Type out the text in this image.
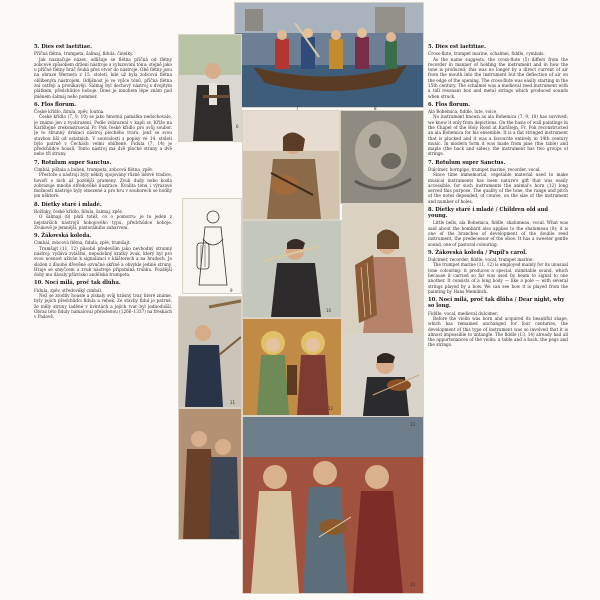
5. Dies est laetitiae.

Příčná flétna, trumpeta, šalmaj, fidula, činelky.

Jak naznačuje název, odlišuje se flétna příčná od flétny zobcové způsobem držení nástroje a vyluzování tónu: stejně jako u příčné flétny hráč fouká přes otvor do nástroje. Obě flétny jsou na obraze Wernera z 15. století, kde už byla zobcová flétna oblíbeným nástrojem. Odlišnost je ve výšce tónů, příčná flétna zní ostřeji a pronikavěji. Šalmaj byl dechový nástroj s dvojitým plátkem, předchůdce hoboje. Dnes je mnohem lépe znám pod jménem šalmaj nebo pommer.

6. Flos florum.

České křídlo, fidula, zpěv, loutna.

České křídlo (7, 9, 10) se jako hmotná památka nedochovalo, je známo jen z vyobrazení. Podle zobrazení v kapli sv. Kříže na Karlštejně zrekonstruoval Fr. Pok české křídlo pro svůj soubor. Je to strunný drnkací nástroj plochého tvaru, jenž se svou stavbou liší od ostatních. V souvislosti s popisy ve 14. století bylo patrně v Čechách velmi oblíbené. Fidula (7, 14) je předchůdce houslí. Tento nástroj má dvě ploché strany a dvě nebo tři struny.

7. Rotulum super Sanctus.

Cimbál, pištala a buben, trumpeta, zobcová flétna, zpěv.

Přestože s nástroji byly někdy spojovány různé lidové tradice, hovoří o nich až pozdější prameny. Zvuk dudy nebo kozla zobrazuje mnohé středověké ilustrace. Kvalita tónu i výrazové možnosti nástroje byly omezené a pro hru v souborech se hodily jen některé.

8. Dietky staré i mladé.

Rožínky, české křídlo, fidula, šalmaj, zpěv.

O šalmaji (8) platí totéž, co o pomorru: je to jeden z nejstarších nástrojů hobojového typu, předchůdce hoboje. Zvukově je jemnější, pastorálního zabarvení.

9. Žákovská koleda.

Cimbál, zobcová flétna, fidula, zpěv, trumšajt.

Trumšajt (11, 12) působil především jako nevhodný strunný nástroj: vydává zvláštní, nepodobný krátký zvuk, který byl pro svou nosnost užíván k signalizaci v klášterech a na hradech. Je složen z dlouhé dřevěné ozvučné skříně a obvykle jediné struny. Hraje se smyčcem a zvuk nástroje připomíná trubku. Pozdější doby mu dávaly přízvisko andělská trumpeta.

10. Noci milá, proč tak dlúha.

Fidula, zpěv, středověký cimbál.

Než se zrodily housle a získaly svůj krásný tvar, které známe, byly jejich předchůdci fidula a rebek. Ze stavby fidul je patrné, že měly struny laděné v kvintách a jejich tvar byl jednodušší. Obraz této fiduly namaloval přeloženou (1266–1337) na freskách v Padově.

5 6
7	8
9
10
11
12
13
14
15
5. Dies est laetitiae.

Cross-flute, trumpet marine, schalmei, fiddle, cymbals.

As the name suggests, the cross-flute (5) differs from the recorder in manner of holding the instrument and in how the tone is produced; this was no longer by a direct current of air from the mouth into the instrument but the deflection of air on the edge of the opening. The cross-flute was easily starting in the 15th century. The schalmei was a medieval reed instrument with a tall resonant box and metal strings which produced sounds when struck.

6. Flos florum.

Ala Bohemica, fiddle, lute, voice.

No instrument known as ala Bohemica (7, 9, 10) has survived; we know it only from depictions. On the basis of wall paintings in the Chapel of the Holy Rood at Karlštejn, Fr. Pok reconstructed an ala Bohemica for his ensemble. It is a flat stringed instrument that is plucked and it was a favourite entirely in 14th century music. In modern form it was made from pine (the table) and maple (the back and sides); the instrument has two groups of strings.

7. Rotulum super Sanctus.

Dulcimer, hornpipe, trumpet marine, recorder, vocal.

Since time immemorial, vegetable material used to make musical instruments has been nature's gift that was easily accessible, for such instruments the animal's horn (12) long served this purpose. The quality of the tone, the range and pitch of the notes depended, of course, on the size of the instrument and number of holes.

8. Dietky staré i mladé / Children old and young.

Little bells, ala Bohemica, fiddle, shalumeau, vocal. What was said about the bombard also applies to the shalumeau (8); it is one of the branches of development of the double reed instrument, the predecessor of the oboe. It has a sweeter gentle sound, one of pastoral colouring.

9. Žákovská koleda / Pupil's carol.

Dulcimer, recorder, fiddle, vocal, trumpet marine.

The trumpet marine (11, 12) is employed mainly for its unusual tone colouring: it produces a special, inimitable sound, which because it carried so far was used by beam to signal to one another. It consists of a long body — like a pole — with several strings played by a bow. We can see how it is played from the painting by Hans Memlinck.

10. Noci milá, proč tak dlúha / Dear night, why so long.

Fiddle, vocal, medieval dulcimer.

Before the violin was born and acquired its beautiful shape, which has remained unchanged for four centuries, the development of this type of instrument was so involved that it is almost impossible to untangle. The fiddle (13, 14) already had all the appurtenances of the violin: a table and a back, the pegs and the strings.
